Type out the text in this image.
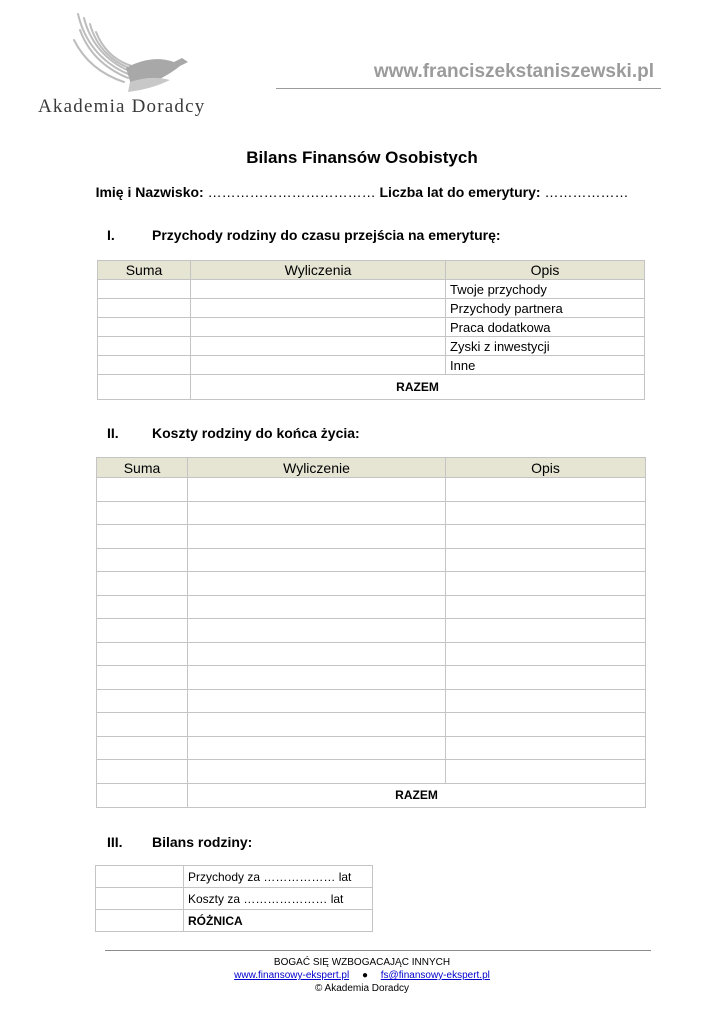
Akademia Doradcy
www.franciszekstaniszewski.pl
Bilans Finansów Osobistych
Imię i Nazwisko: ……………………………… Liczba lat do emerytury: ………………
I.	Przychody rodziny do czasu przejścia na emeryturę:
Suma	Wyliczenia	Opis
		Twoje przychody
		Przychody partnera
		Praca dodatkowa
		Zyski z inwestycji
		Inne
	RAZEM	
II. Koszty rodziny do końca życia:
Suma	Wyliczenie	Opis

	RAZEM	
III. Bilans rodziny:
	Przychody za ……………… lat
	Koszty za ………………… lat
	RÓŻNICA
BOGAĆ SIĘ WZBOGACAJĄC INNYCH
www.finansowy-ekspert.pl ● fs@finansowy-ekspert.pl
© Akademia Doradcy
